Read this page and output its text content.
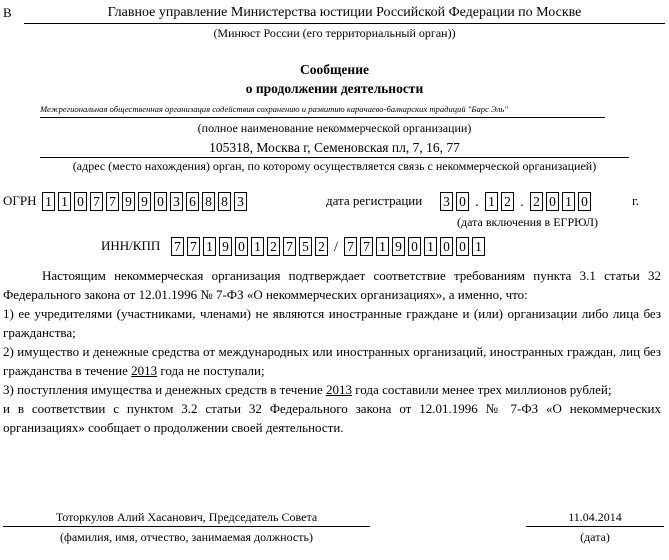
В	Главное управление Министерства юстиции Российской Федерации по Москве
(Минюст России (его территориальный орган))
Сообщение
о продолжении деятельности
Межрегиональная общественная организация содействия сохранению и развитию карачаево-балкарских традиций "Барс Эль"
(полное наименование некоммерческой организации)
105318, Москва г, Семеновская пл, 7, 16, 77
(адрес (место нахождения) орган, по которому осуществляется связь с некоммерческой организацией)
ОГРН 1 1 0 7 7 9 9 0 3 6 8 8 3	дата регистрации 3 0 . 1 2 . 2 0 1 0	г.
(дата включения в ЕГРЮЛ)
ИНН/КПП 7 7 1 9 0 1 2 7 5 2 / 7 7 1 9 0 1 0 0 1

Настоящим некоммерческая организация подтверждает соответствие требованиям пункта 3.1 статьи 32 Федерального закона от 12.01.1996 № 7-ФЗ «О некоммерческих организациях», а именно, что:

1) ее учредителями (участниками, членами) не являются иностранные граждане и (или) организации либо лица без гражданства;

2) имущество и денежные средства от международных или иностранных организаций, иностранных граждан, лиц без гражданства в течение 2013 года не поступали;

3) поступления имущества и денежных средств в течение 2013 года составили менее трех миллионов рублей;

и в соответствии с пунктом 3.2 статьи 32 Федерального закона от 12.01.1996 № 7-ФЗ «О некоммерческих организациях» сообщает о продолжении своей деятельности.

Тоторкулов Алий Хасанович, Председатель Совета
(фамилия, имя, отчество, занимаемая должность)
11.04.2014
(дата)
